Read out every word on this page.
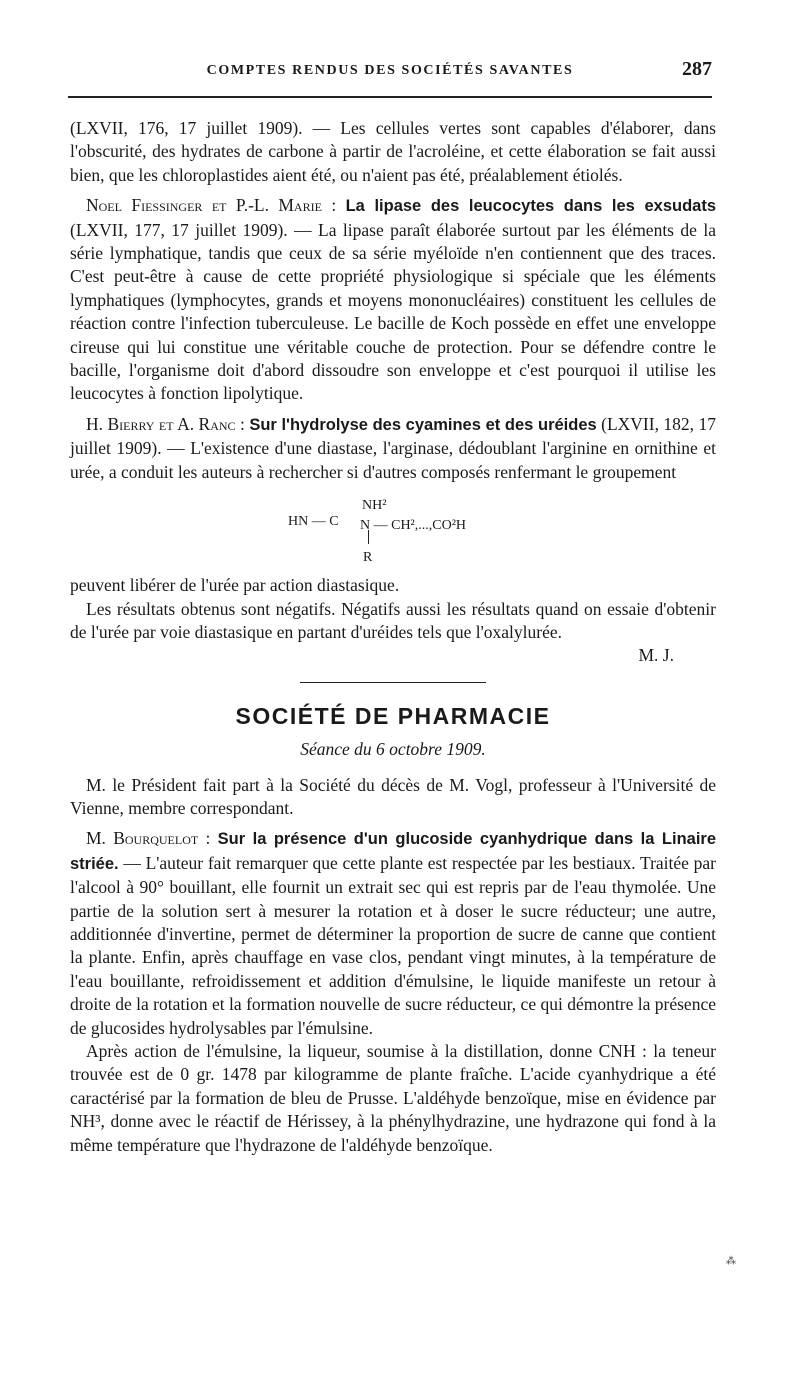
COMPTES RENDUS DES SOCIÉTÉS SAVANTES	287

(LXVII, 176, 17 juillet 1909). — Les cellules vertes sont capables d'élaborer, dans l'obscurité, des hydrates de carbone à partir de l'acroléine, et cette élaboration se fait aussi bien, que les chloroplastides aient été, ou n'aient pas été, préalablement étiolés.

Noel Fiessinger et P.-L. Marie : La lipase des leucocytes dans les exsudats (LXVII, 177, 17 juillet 1909). — La lipase paraît élaborée surtout par les éléments de la série lymphatique, tandis que ceux de sa série myéloïde n'en contiennent que des traces. C'est peut-être à cause de cette propriété physiologique si spéciale que les éléments lymphatiques (lymphocytes, grands et moyens mononucléaires) constituent les cellules de réaction contre l'infection tuberculeuse. Le bacille de Koch possède en effet une enveloppe cireuse qui lui constitue une véritable couche de protection. Pour se défendre contre le bacille, l'organisme doit d'abord dissoudre son enveloppe et c'est pourquoi il utilise les leucocytes à fonction lipolytique.

H. Bierry et A. Ranc : Sur l'hydrolyse des cyamines et des uréides (LXVII, 182, 17 juillet 1909). — L'existence d'une diastase, l'arginase, dédoublant l'arginine en ornithine et urée, a conduit les auteurs à rechercher si d'autres composés renfermant le groupement

HN — C
NH²
N — CH²,...,CO²H
R

peuvent libérer de l'urée par action diastasique.

Les résultats obtenus sont négatifs. Négatifs aussi les résultats quand on essaie d'obtenir de l'urée par voie diastasique en partant d'uréides tels que l'oxalylurée.

M. J.
SOCIÉTÉ DE PHARMACIE
Séance du 6 octobre 1909.

M. le Président fait part à la Société du décès de M. Vogl, professeur à l'Université de Vienne, membre correspondant.

M. Bourquelot : Sur la présence d'un glucoside cyanhydrique dans la Linaire striée. — L'auteur fait remarquer que cette plante est respectée par les bestiaux. Traitée par l'alcool à 90° bouillant, elle fournit un extrait sec qui est repris par de l'eau thymolée. Une partie de la solution sert à mesurer la rotation et à doser le sucre réducteur; une autre, additionnée d'invertine, permet de déterminer la proportion de sucre de canne que contient la plante. Enfin, après chauffage en vase clos, pendant vingt minutes, à la température de l'eau bouillante, refroidissement et addition d'émulsine, le liquide manifeste un retour à droite de la rotation et la formation nouvelle de sucre réducteur, ce qui démontre la présence de glucosides hydrolysables par l'émulsine.

Après action de l'émulsine, la liqueur, soumise à la distillation, donne CNH : la teneur trouvée est de 0 gr. 1478 par kilogramme de plante fraîche. L'acide cyanhydrique a été caractérisé par la formation de bleu de Prusse. L'aldéhyde benzoïque, mise en évidence par NH³, donne avec le réactif de Hérissey, à la phénylhydrazine, une hydrazone qui fond à la même température que l'hydrazone de l'aldéhyde benzoïque.

⁂
